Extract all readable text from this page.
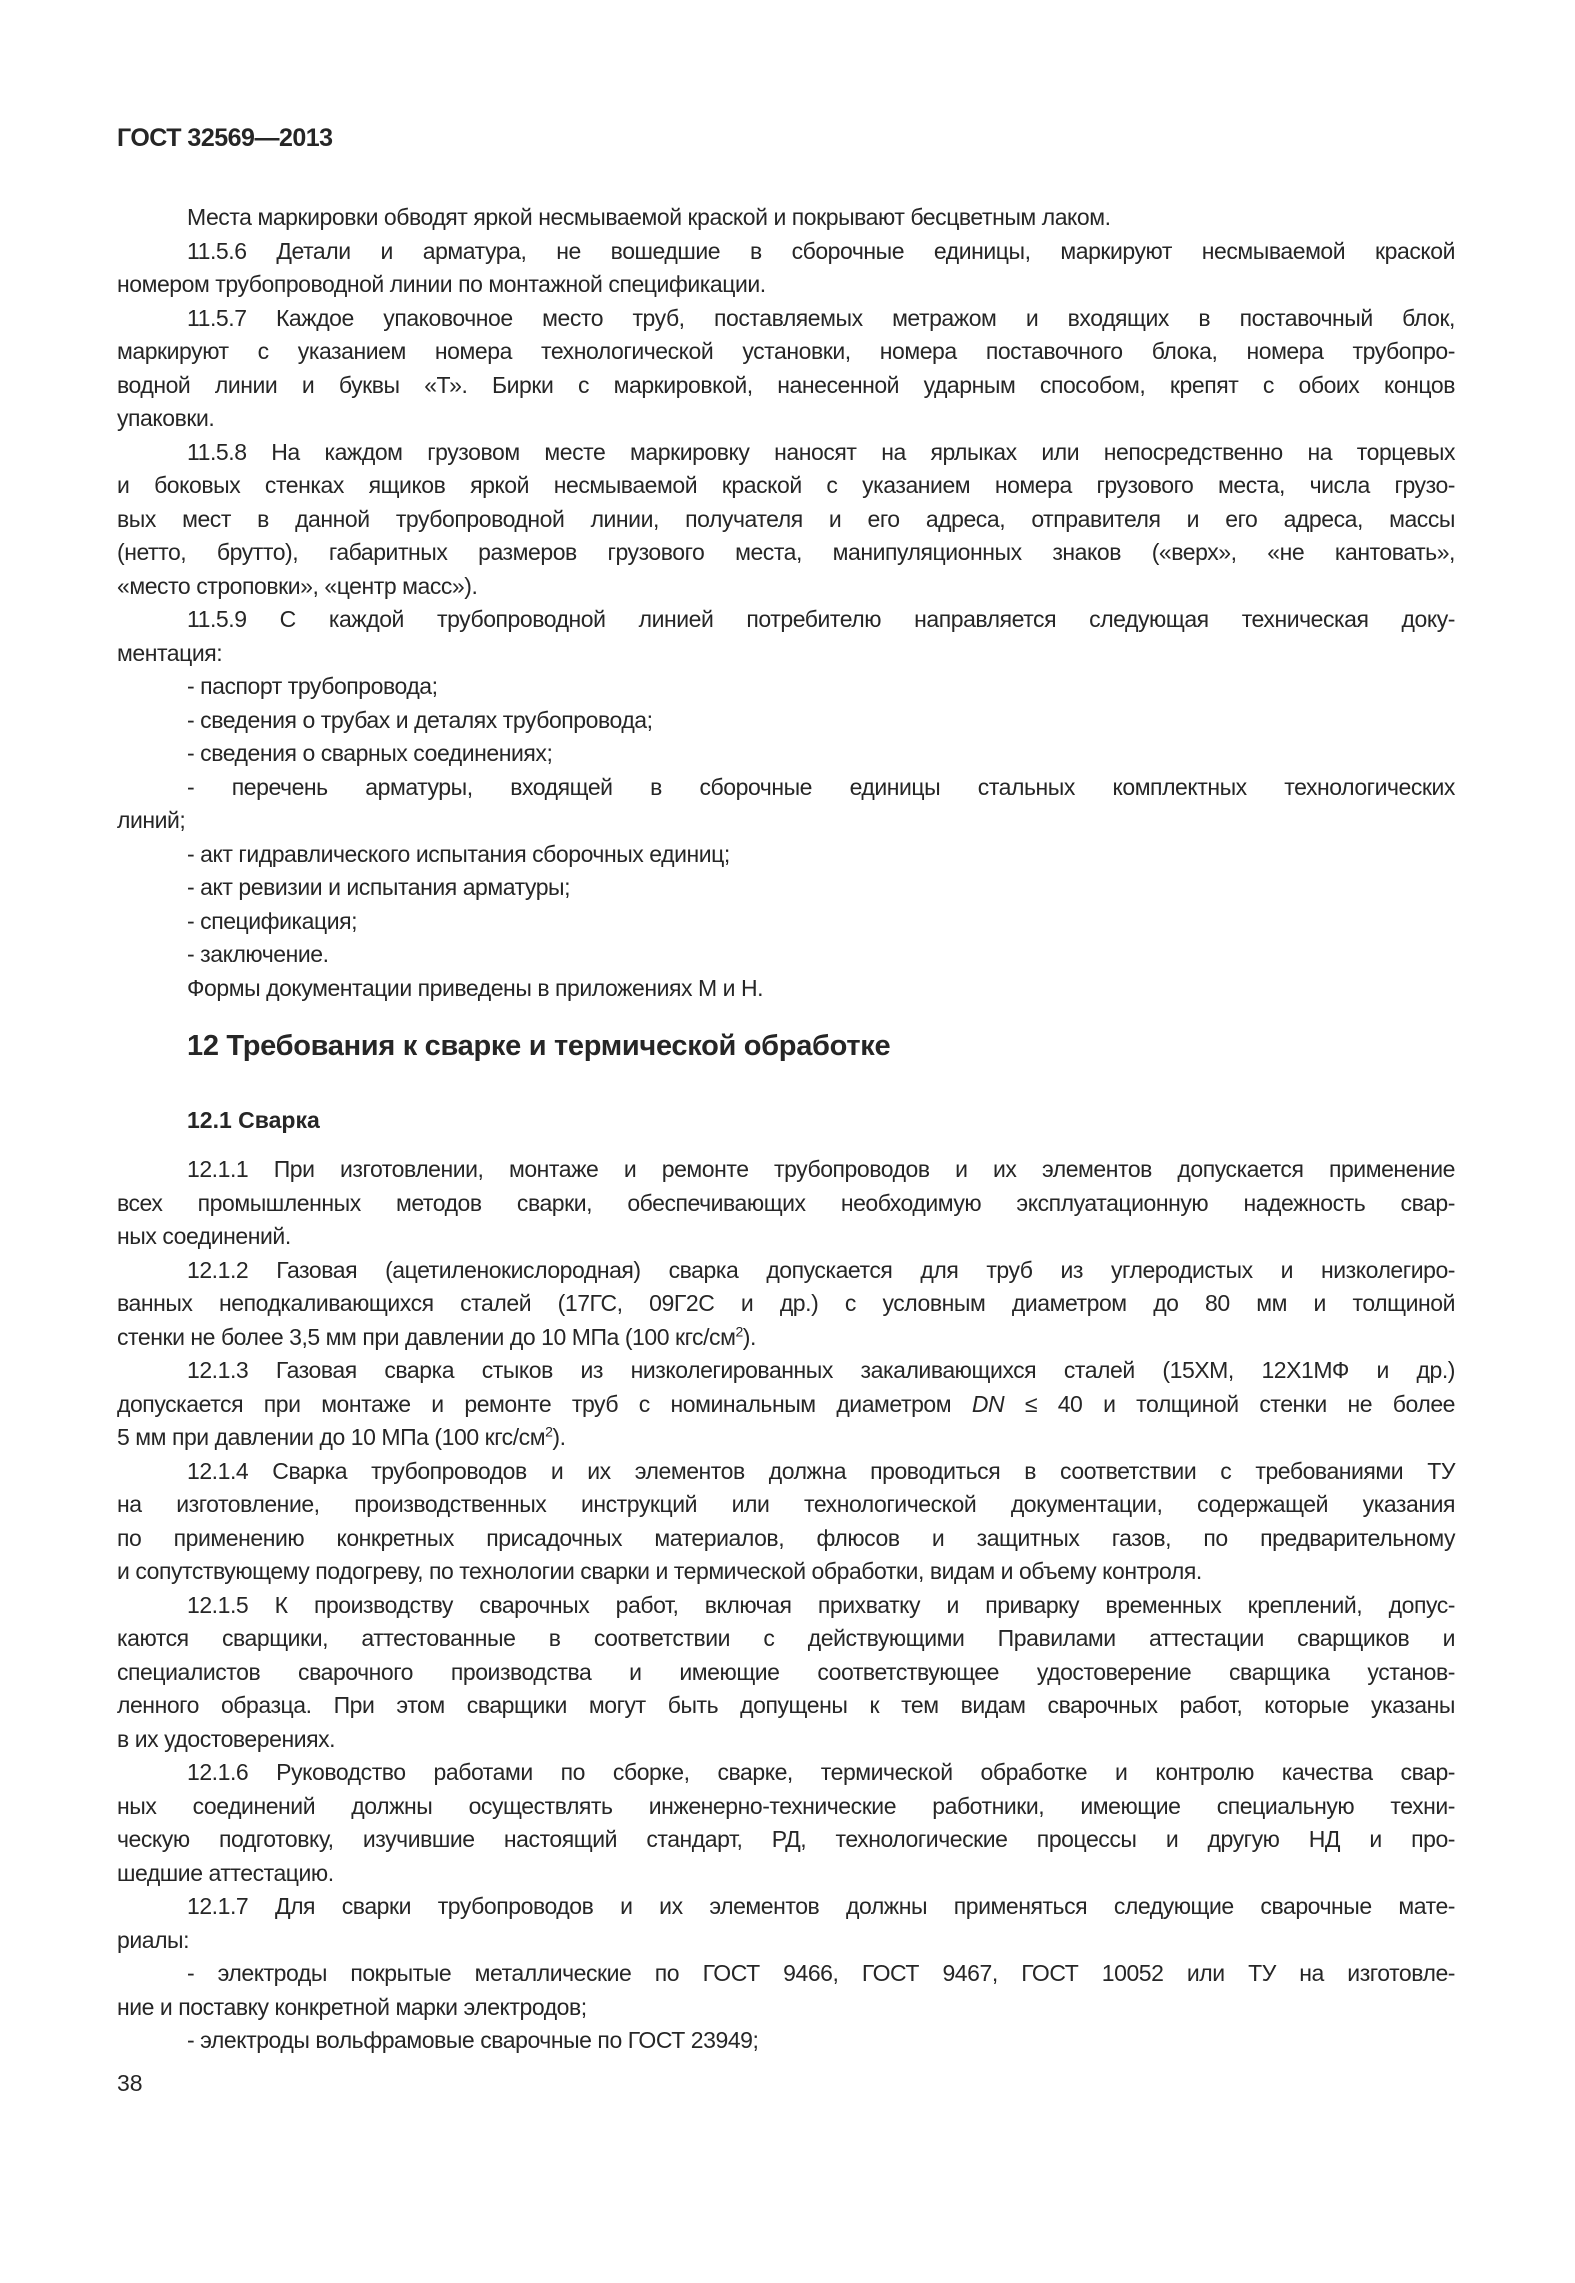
ГОСТ 32569—2013
Места маркировки обводят яркой несмываемой краской и покрывают бесцветным лаком.
11.5.6 Детали и арматура, не вошедшие в сборочные единицы, маркируют несмываемой краской
номером трубопроводной линии по монтажной спецификации.
11.5.7 Каждое упаковочное место труб, поставляемых метражом и входящих в поставочный блок,
маркируют с указанием номера технологической установки, номера поставочного блока, номера трубопро-
водной линии и буквы «Т». Бирки с маркировкой, нанесенной ударным способом, крепят с обоих концов
упаковки.
11.5.8 На каждом грузовом месте маркировку наносят на ярлыках или непосредственно на торцевых
и боковых стенках ящиков яркой несмываемой краской с указанием номера грузового места, числа грузо-
вых мест в данной трубопроводной линии, получателя и его адреса, отправителя и его адреса, массы
(нетто, брутто), габаритных размеров грузового места, манипуляционных знаков («верх», «не кантовать»,
«место строповки», «центр масс»).
11.5.9 С каждой трубопроводной линией потребителю направляется следующая техническая доку-
ментация:
- паспорт трубопровода;
- сведения о трубах и деталях трубопровода;
- сведения о сварных соединениях;
- перечень арматуры, входящей в сборочные единицы стальных комплектных технологических
линий;
- акт гидравлического испытания сборочных единиц;
- акт ревизии и испытания арматуры;
- спецификация;
- заключение.
Формы документации приведены в приложениях М и Н.
12 Требования к сварке и термической обработке
12.1 Сварка
12.1.1 При изготовлении, монтаже и ремонте трубопроводов и их элементов допускается применение
всех промышленных методов сварки, обеспечивающих необходимую эксплуатационную надежность свар-
ных соединений.
12.1.2 Газовая (ацетиленокислородная) сварка допускается для труб из углеродистых и низколегиро-
ванных неподкаливающихся сталей (17ГС, 09Г2С и др.) с условным диаметром до 80 мм и толщиной
стенки не более 3,5 мм при давлении до 10 МПа (100 кгс/$см^2$).
12.1.3 Газовая сварка стыков из низколегированных закаливающихся сталей (15ХМ, 12Х1МФ и др.)
допускается при монтаже и ремонте труб с номинальным диаметром DN ≤ 40 и толщиной стенки не более
5 мм при давлении до 10 МПа (100 кгс/$см^2$).
12.1.4 Сварка трубопроводов и их элементов должна проводиться в соответствии с требованиями ТУ
на изготовление, производственных инструкций или технологической документации, содержащей указания
по применению конкретных присадочных материалов, флюсов и защитных газов, по предварительному
и сопутствующему подогреву, по технологии сварки и термической обработки, видам и объему контроля.
12.1.5 К производству сварочных работ, включая прихватку и приварку временных креплений, допус-
каются сварщики, аттестованные в соответствии с действующими Правилами аттестации сварщиков и
специалистов сварочного производства и имеющие соответствующее удостоверение сварщика установ-
ленного образца. При этом сварщики могут быть допущены к тем видам сварочных работ, которые указаны
в их удостоверениях.
12.1.6 Руководство работами по сборке, сварке, термической обработке и контролю качества свар-
ных соединений должны осуществлять инженерно-технические работники, имеющие специальную техни-
ческую подготовку, изучившие настоящий стандарт, РД, технологические процессы и другую НД и про-
шедшие аттестацию.
12.1.7 Для сварки трубопроводов и их элементов должны применяться следующие сварочные мате-
риалы:
- электроды покрытые металлические по ГОСТ 9466, ГОСТ 9467, ГОСТ 10052 или ТУ на изготовле-
ние и поставку конкретной марки электродов;
- электроды вольфрамовые сварочные по ГОСТ 23949;
38
